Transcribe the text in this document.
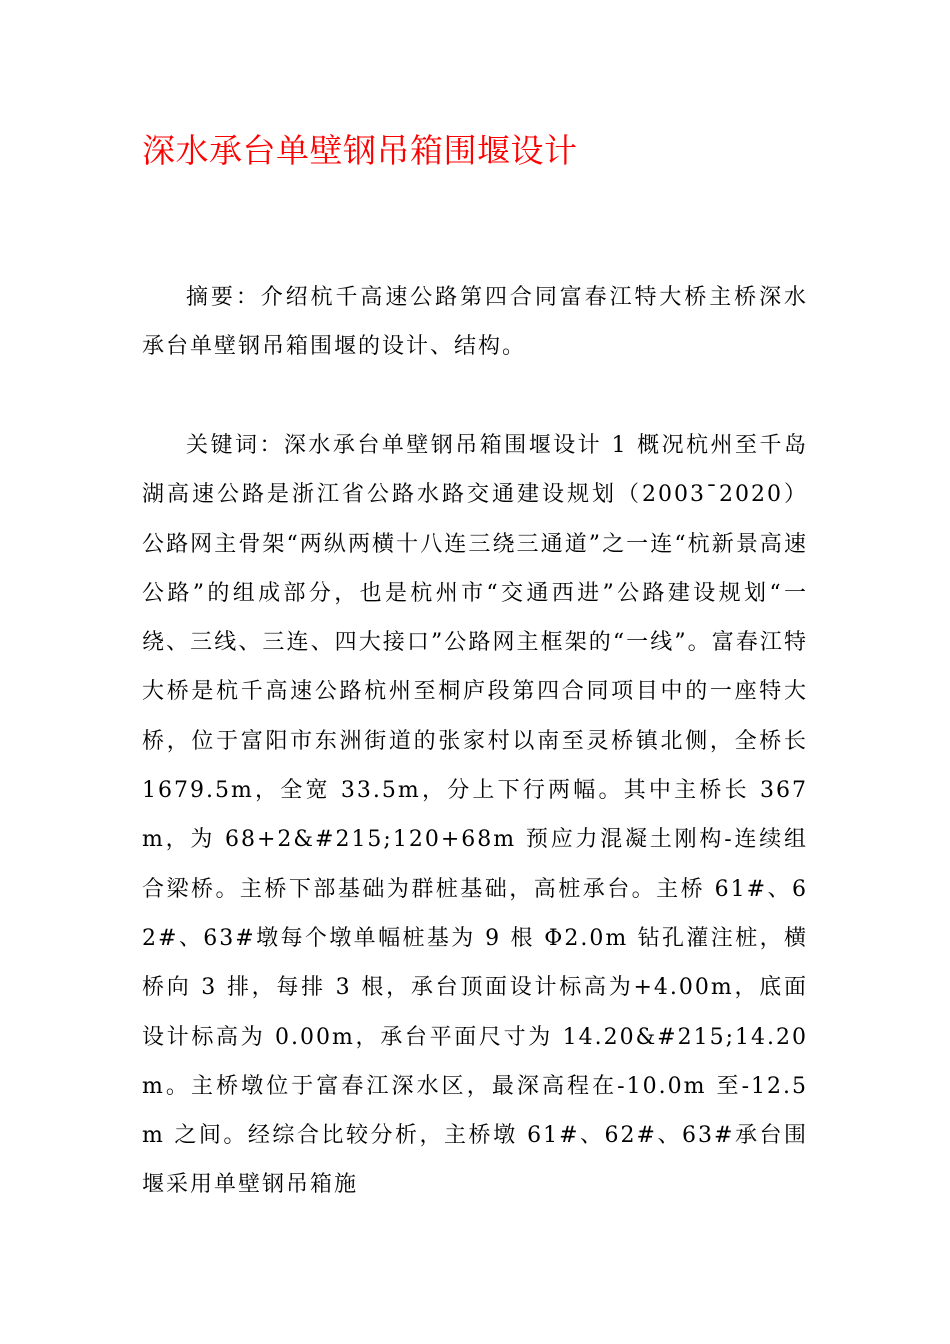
深水承台单壁钢吊箱围堰设计

摘要：介绍杭千高速公路第四合同富春江特大桥主桥深水承台单壁钢吊箱围堰的设计、结构。

关键词：深水承台单壁钢吊箱围堰设计 1 概况杭州至千岛湖高速公路是浙江省公路水路交通建设规划（2003¯2020）公路网主骨架“两纵两横十八连三绕三通道”之一连“杭新景高速公路”的组成部分，也是杭州市“交通西进”公路建设规划“一绕、三线、三连、四大接口”公路网主框架的“一线”。富春江特大桥是杭千高速公路杭州至桐庐段第四合同项目中的一座特大桥，位于富阳市东洲街道的张家村以南至灵桥镇北侧，全桥长 1679.5m，全宽 33.5m，分上下行两幅。其中主桥长 367m，为 68+2&#215;120+68m 预应力混凝土刚构-连续组合梁桥。主桥下部基础为群桩基础，高桩承台。主桥 61#、62#、63#墩每个墩单幅桩基为 9 根 Φ2.0m 钻孔灌注桩，横桥向 3 排，每排 3 根，承台顶面设计标高为+4.00m，底面设计标高为 0.00m，承台平面尺寸为 14.20&#215;14.20m。主桥墩位于富春江深水区，最深高程在-10.0m 至-12.5m 之间。经综合比较分析，主桥墩 61#、62#、63#承台围堰采用单壁钢吊箱施
